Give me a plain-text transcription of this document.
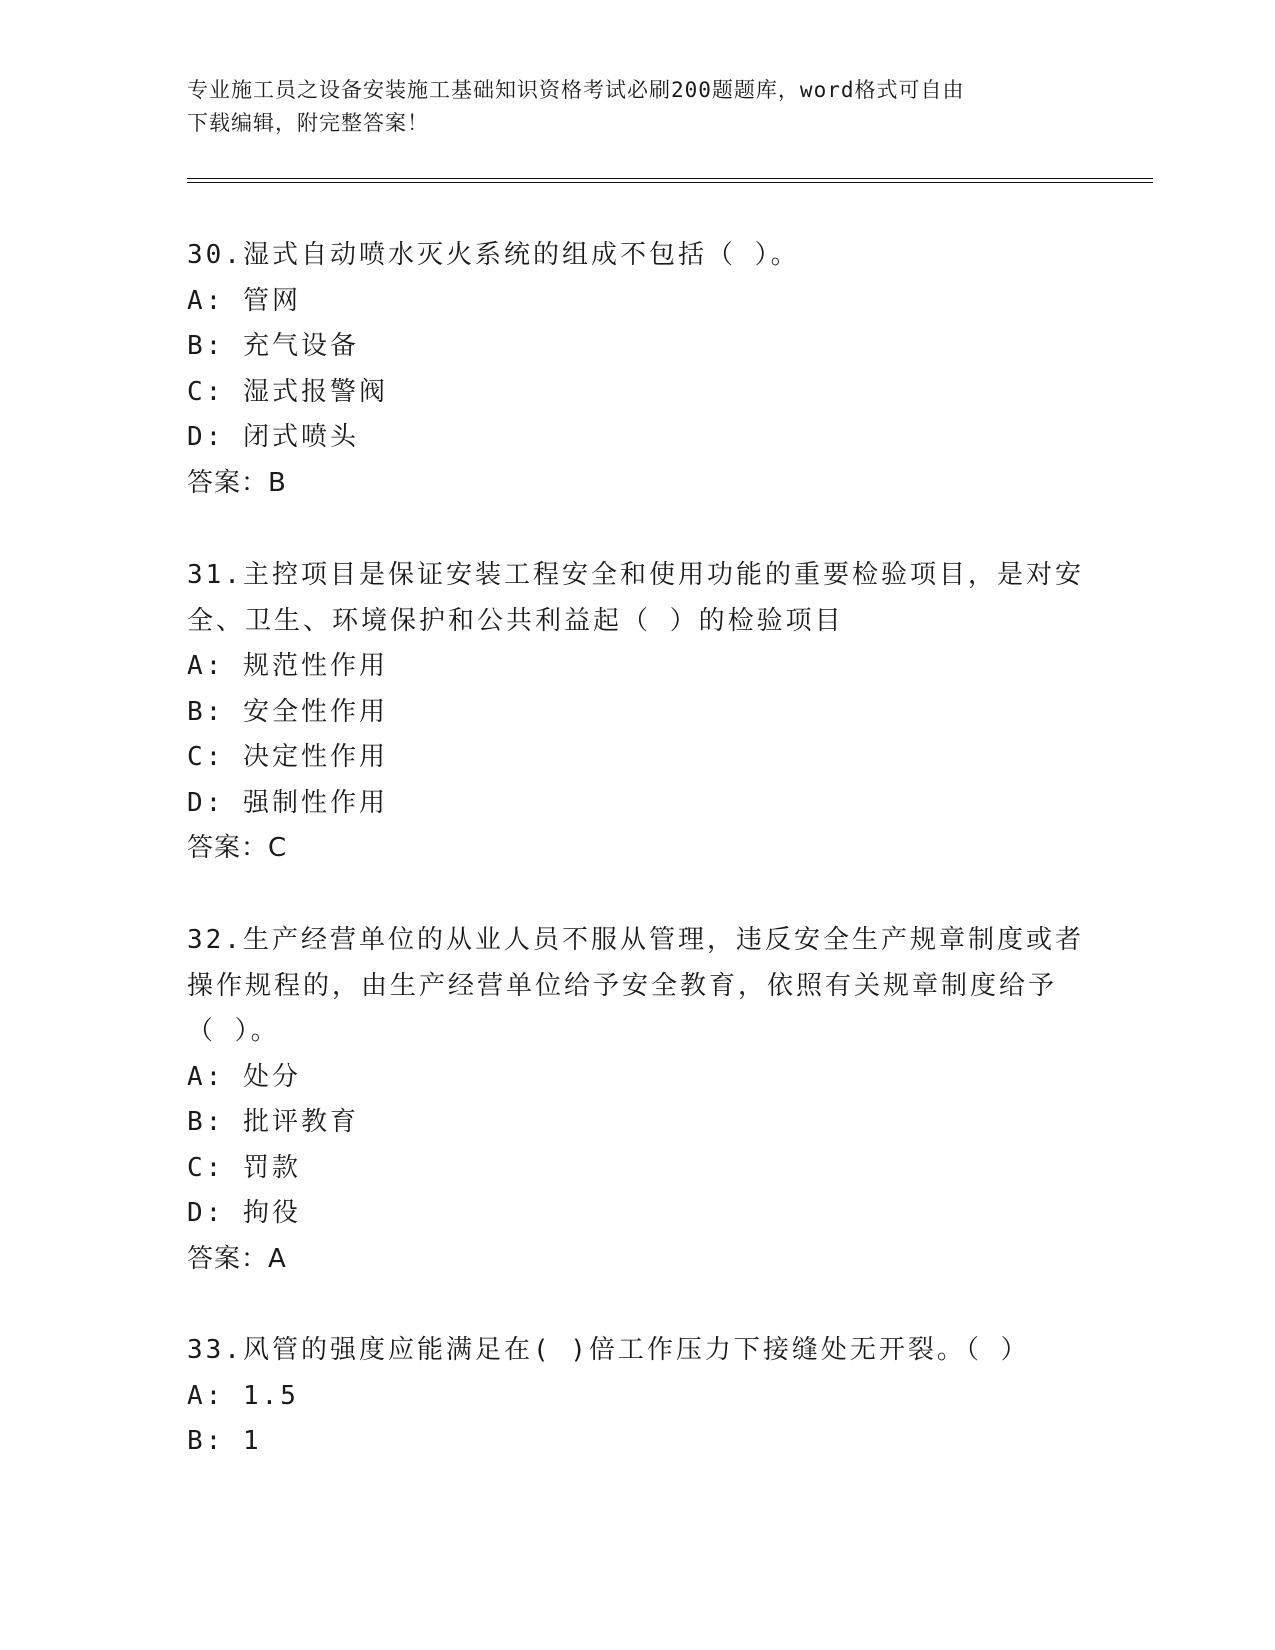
专业施工员之设备安装施工基础知识资格考试必刷200题题库，word格式可自由
下载编辑，附完整答案！
30.湿式自动喷水灭火系统的组成不包括（ ）。
A: 管网
B: 充气设备
C: 湿式报警阀
D: 闭式喷头
答案：B
31.主控项目是保证安装工程安全和使用功能的重要检验项目，是对安
全、卫生、环境保护和公共利益起（ ）的检验项目
A: 规范性作用
B: 安全性作用
C: 决定性作用
D: 强制性作用
答案：C
32.生产经营单位的从业人员不服从管理，违反安全生产规章制度或者
操作规程的，由生产经营单位给予安全教育，依照有关规章制度给予
（ ）。
A: 处分
B: 批评教育
C: 罚款
D: 拘役
答案：A
33.风管的强度应能满足在( )倍工作压力下接缝处无开裂。（ ）
A: 1.5
B: 1
